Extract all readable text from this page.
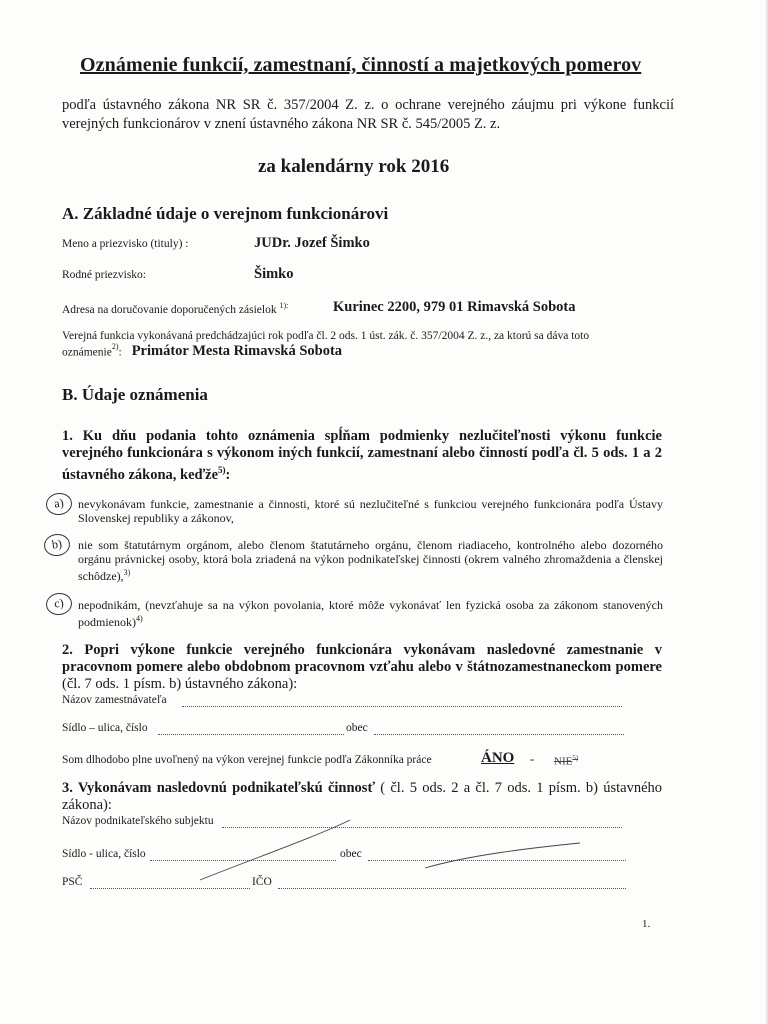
Oznámenie funkcií, zamestnaní, činností a majetkových pomerov
podľa ústavného zákona NR SR č. 357/2004 Z. z. o ochrane verejného záujmu pri výkone funkcií verejných funkcionárov v znení ústavného zákona NR SR č. 545/2005 Z. z.
za kalendárny rok 2016
A. Základné údaje o verejnom funkcionárovi
Meno a priezvisko (tituly) :	JUDr. Jozef Šimko
Rodné priezvisko:	Šimko
Adresa na doručovanie doporučených zásielok $^{1):}$	Kurinec 2200, 979 01 Rimavská Sobota
Verejná funkcia vykonávaná predchádzajúci rok podľa čl. 2 ods. 1 úst. zák. č. 357/2004 Z. z., za ktorú sa dáva toto
oznámenie$^{2)}$: Primátor Mesta Rimavská Sobota
B. Údaje oznámenia
1. Ku dňu podania tohto oznámenia spĺňam podmienky nezlučiteľnosti výkonu funkcie verejného funkcionára s výkonom iných funkcií, zamestnaní alebo činností podľa čl. 5 ods. 1 a 2 ústavného zákona, keďže$^{5)}$:
a)	nevykonávam funkcie, zamestnanie a činnosti, ktoré sú nezlučiteľné s funkciou verejného funkcionára podľa Ústavy Slovenskej republiky a zákonov,
b)	nie som štatutárnym orgánom, alebo členom štatutárneho orgánu, členom riadiaceho, kontrolného alebo dozorného orgánu právnickej osoby, ktorá bola zriadená na výkon podnikateľskej činnosti (okrem valného zhromaždenia a členskej schôdze),$^{3)}$
c)	nepodnikám, (nevzťahuje sa na výkon povolania, ktoré môže vykonávať len fyzická osoba za zákonom stanovených podmienok)$^{4)}$
2. Popri výkone funkcie verejného funkcionára vykonávam nasledovné zamestnanie v pracovnom pomere alebo obdobnom pracovnom vzťahu alebo v štátnozamestnaneckom pomere (čl. 7 ods. 1 písm. b) ústavného zákona):
Názov zamestnávateľa
Sídlo – ulica, číslo	obec
Som dlhodobo plne uvoľnený na výkon verejnej funkcie podľa Zákonníka práce	ÁNO - NIE$^{5)}$
3. Vykonávam nasledovnú podnikateľskú činnosť ( čl. 5 ods. 2 a čl. 7 ods. 1 písm. b) ústavného zákona):
Názov podnikateľského subjektu
Sídlo - ulica, číslo	obec
PSČ	IČO
1.
